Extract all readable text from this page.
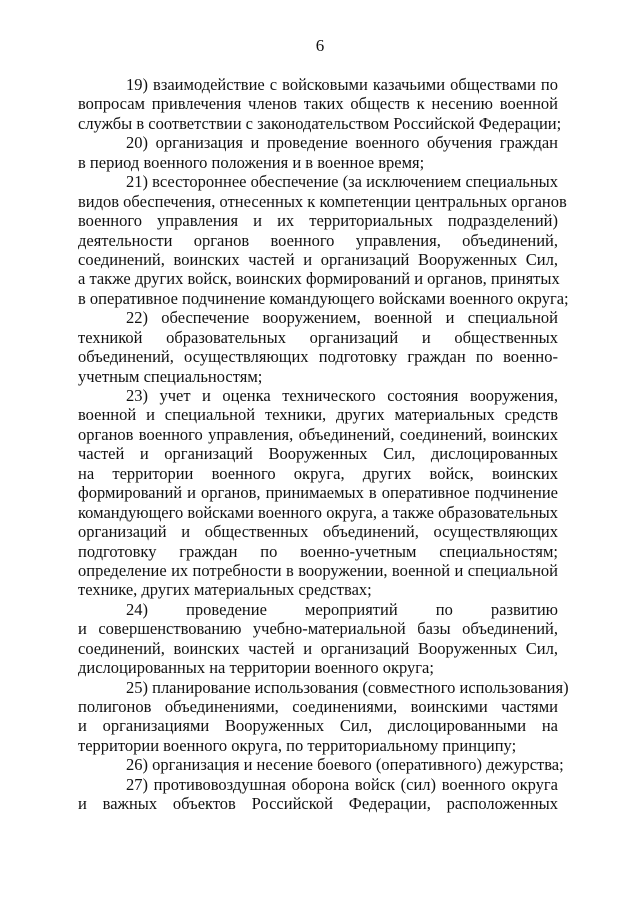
6
19) взаимодействие с войсковыми казачьими обществами по
вопросам привлечения членов таких обществ к несению военной
службы в соответствии с законодательством Российской Федерации;
20) организация и проведение военного обучения граждан
в период военного положения и в военное время;
21) всестороннее обеспечение (за исключением специальных
видов обеспечения, отнесенных к компетенции центральных органов
военного управления и их территориальных подразделений)
деятельности органов военного управления, объединений,
соединений, воинских частей и организаций Вооруженных Сил,
а также других войск, воинских формирований и органов, принятых
в оперативное подчинение командующего войсками военного округа;
22) обеспечение вооружением, военной и специальной
техникой образовательных организаций и общественных
объединений, осуществляющих подготовку граждан по военно-
учетным специальностям;
23) учет и оценка технического состояния вооружения,
военной и специальной техники, других материальных средств
органов военного управления, объединений, соединений, воинских
частей и организаций Вооруженных Сил, дислоцированных
на территории военного округа, других войск, воинских
формирований и органов, принимаемых в оперативное подчинение
командующего войсками военного округа, а также образовательных
организаций и общественных объединений, осуществляющих
подготовку граждан по военно-учетным специальностям;
определение их потребности в вооружении, военной и специальной
технике, других материальных средствах;
24) проведение мероприятий по развитию
и совершенствованию учебно-материальной базы объединений,
соединений, воинских частей и организаций Вооруженных Сил,
дислоцированных на территории военного округа;
25) планирование использования (совместного использования)
полигонов объединениями, соединениями, воинскими частями
и организациями Вооруженных Сил, дислоцированными на
территории военного округа, по территориальному принципу;
26) организация и несение боевого (оперативного) дежурства;
27) противовоздушная оборона войск (сил) военного округа
и важных объектов Российской Федерации, расположенных
